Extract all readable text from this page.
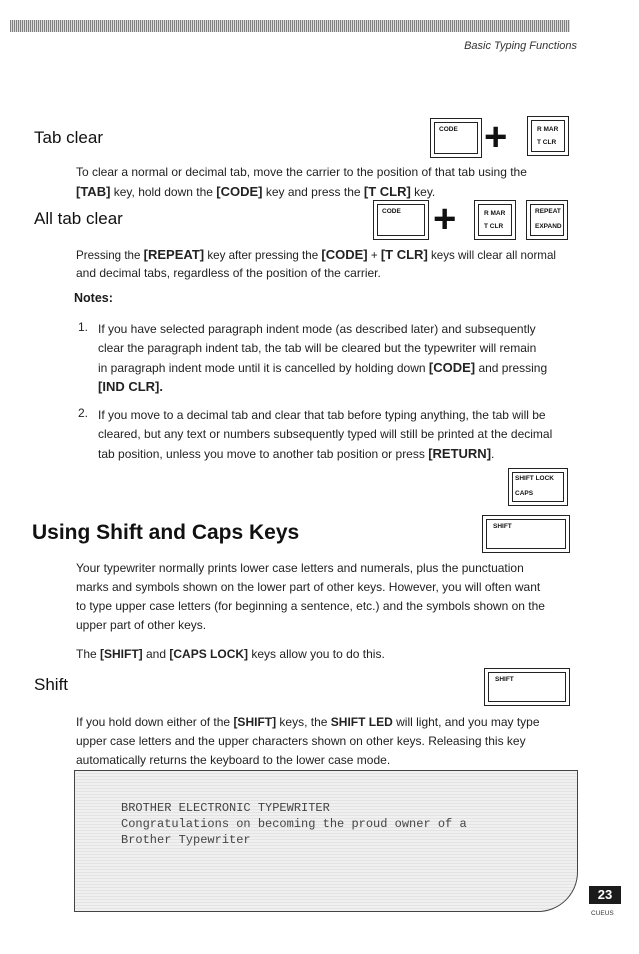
Basic Typing Functions
Tab clear	CODE +	R MAR
T CLR

To clear a normal or decimal tab, move the carrier to the position of that tab using the

[TAB] key, hold down the [CODE] key and press the [T CLR] key.

All tab clear	CODE +	R MAR
T CLR
REPEAT
EXPAND

Pressing the [REPEAT] key after pressing the [CODE] + [T CLR] keys will clear all normal

and decimal tabs, regardless of the position of the carrier.

Notes:
1. If you have selected paragraph indent mode (as described later) and subsequently

clear the paragraph indent tab, the tab will be cleared but the typewriter will remain

in paragraph indent mode until it is cancelled by holding down [CODE] and pressing

[IND CLR].

2. If you move to a decimal tab and clear that tab before typing anything, the tab will be

cleared, but any text or numbers subsequently typed will still be printed at the decimal

tab position, unless you move to another tab position or press [RETURN].

SHIFT LOCK
CAPS
SHIFT
Using Shift and Caps Keys

Your typewriter normally prints lower case letters and numerals, plus the punctuation

marks and symbols shown on the lower part of other keys. However, you will often want

to type upper case letters (for beginning a sentence, etc.) and the symbols shown on the

upper part of other keys.

The [SHIFT] and [CAPS LOCK] keys allow you to do this.

Shift	SHIFT

If you hold down either of the [SHIFT] keys, the SHIFT LED will light, and you may type

upper case letters and the upper characters shown on other keys. Releasing this key

automatically returns the keyboard to the lower case mode.

BROTHER ELECTRONIC TYPEWRITER
Congratulations on becoming the proud owner of a
Brother Typewriter
23
CUEUS
